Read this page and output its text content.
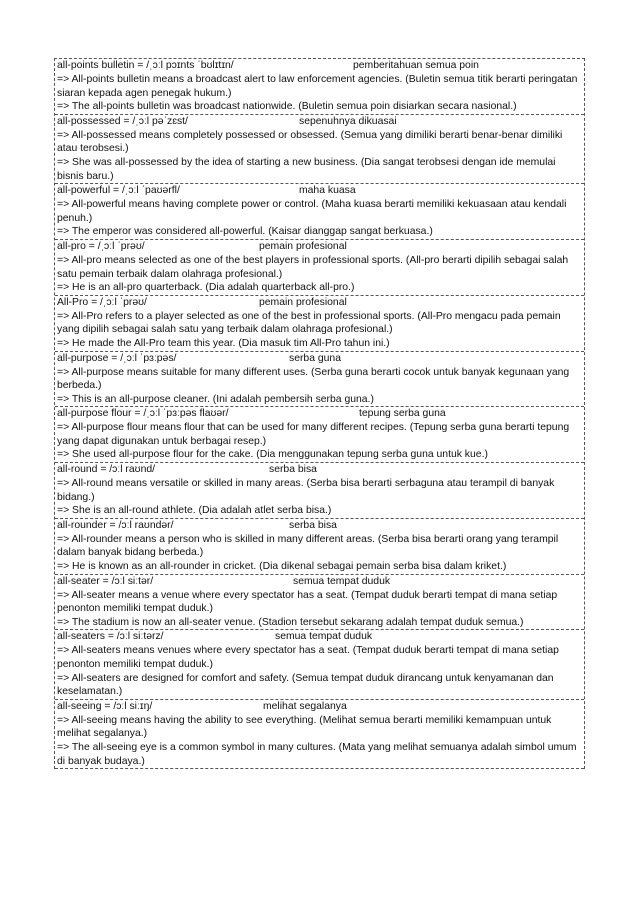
all-points bulletin = /ˌɔːl pɔɪnts ˈbʊlɪtɪn/	pemberitahuan semua poin
=> All-points bulletin means a broadcast alert to law enforcement agencies. (Buletin semua titik berarti peringatan siaran kepada agen penegak hukum.)
=> The all-points bulletin was broadcast nationwide. (Buletin semua poin disiarkan secara nasional.)
all-possessed = /ˌɔːl pəˈzɛst/	sepenuhnya dikuasai
=> All-possessed means completely possessed or obsessed. (Semua yang dimiliki berarti benar-benar dimiliki atau terobsesi.)
=> She was all-possessed by the idea of starting a new business. (Dia sangat terobsesi dengan ide memulai bisnis baru.)
all-powerful = /ˌɔːl ˈpaʊərfl/	maha kuasa
=> All-powerful means having complete power or control. (Maha kuasa berarti memiliki kekuasaan atau kendali penuh.)
=> The emperor was considered all-powerful. (Kaisar dianggap sangat berkuasa.)
all-pro = /ˌɔːl ˈprəʊ/	pemain profesional
=> All-pro means selected as one of the best players in professional sports. (All-pro berarti dipilih sebagai salah satu pemain terbaik dalam olahraga profesional.)
=> He is an all-pro quarterback. (Dia adalah quarterback all-pro.)
All-Pro = /ˌɔːl ˈprəʊ/	pemain profesional
=> All-Pro refers to a player selected as one of the best in professional sports. (All-Pro mengacu pada pemain yang dipilih sebagai salah satu yang terbaik dalam olahraga profesional.)
=> He made the All-Pro team this year. (Dia masuk tim All-Pro tahun ini.)
all-purpose = /ˌɔːl ˈpɜːpəs/	serba guna
=> All-purpose means suitable for many different uses. (Serba guna berarti cocok untuk banyak kegunaan yang berbeda.)
=> This is an all-purpose cleaner. (Ini adalah pembersih serba guna.)
all-purpose flour = /ˌɔːl ˈpɜːpəs flaʊər/	tepung serba guna
=> All-purpose flour means flour that can be used for many different recipes. (Tepung serba guna berarti tepung yang dapat digunakan untuk berbagai resep.)
=> She used all-purpose flour for the cake. (Dia menggunakan tepung serba guna untuk kue.)
all-round = /ɔːl raʊnd/	serba bisa
=> All-round means versatile or skilled in many areas. (Serba bisa berarti serbaguna atau terampil di banyak bidang.)
=> She is an all-round athlete. (Dia adalah atlet serba bisa.)
all-rounder = /ɔːl raʊndər/	serba bisa
=> All-rounder means a person who is skilled in many different areas. (Serba bisa berarti orang yang terampil dalam banyak bidang berbeda.)
=> He is known as an all-rounder in cricket. (Dia dikenal sebagai pemain serba bisa dalam kriket.)
all-seater = /ɔːl siːtər/	semua tempat duduk
=> All-seater means a venue where every spectator has a seat. (Tempat duduk berarti tempat di mana setiap penonton memiliki tempat duduk.)
=> The stadium is now an all-seater venue. (Stadion tersebut sekarang adalah tempat duduk semua.)
all-seaters = /ɔːl siːtərz/	semua tempat duduk
=> All-seaters means venues where every spectator has a seat. (Tempat duduk berarti tempat di mana setiap penonton memiliki tempat duduk.)
=> All-seaters are designed for comfort and safety. (Semua tempat duduk dirancang untuk kenyamanan dan keselamatan.)
all-seeing = /ɔːl siːɪŋ/	melihat segalanya
=> All-seeing means having the ability to see everything. (Melihat semua berarti memiliki kemampuan untuk melihat segalanya.)
=> The all-seeing eye is a common symbol in many cultures. (Mata yang melihat semuanya adalah simbol umum di banyak budaya.)
